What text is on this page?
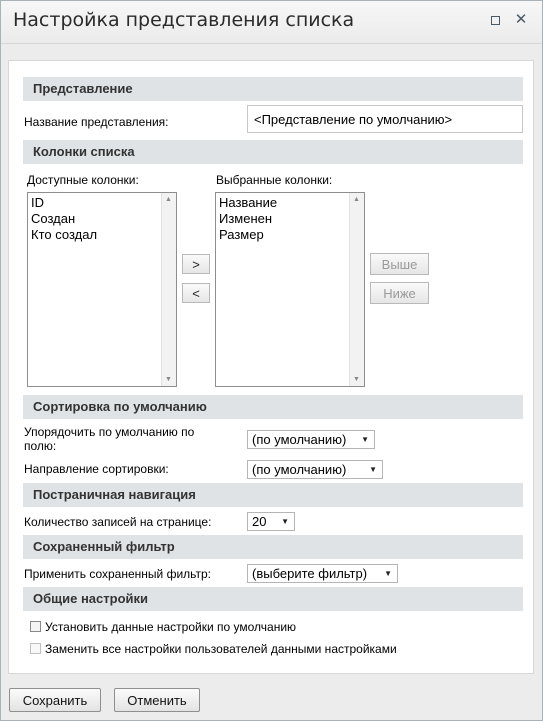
Настройка представления списка	✕
Представление
Название представления:
<Представление по умолчанию>
Колонки списка
Доступные колонки:	Выбранные колонки:
ID
Создан
Кто создал
▲
▼
Название
Изменен
Размер
▲
▼
>
<
Выше
Ниже
Сортировка по умолчанию
Упорядочить по умолчанию по полю:	(по умолчанию) ▼
Направление сортировки:	(по умолчанию)	▼
Постраничная навигация
Количество записей на странице:	20 ▼
Сохраненный фильтр
Применить сохраненный фильтр:	(выберите фильтр) ▼
Общие настройки
Установить данные настройки по умолчанию
Заменить все настройки пользователей данными настройками
Сохранить	Отменить
